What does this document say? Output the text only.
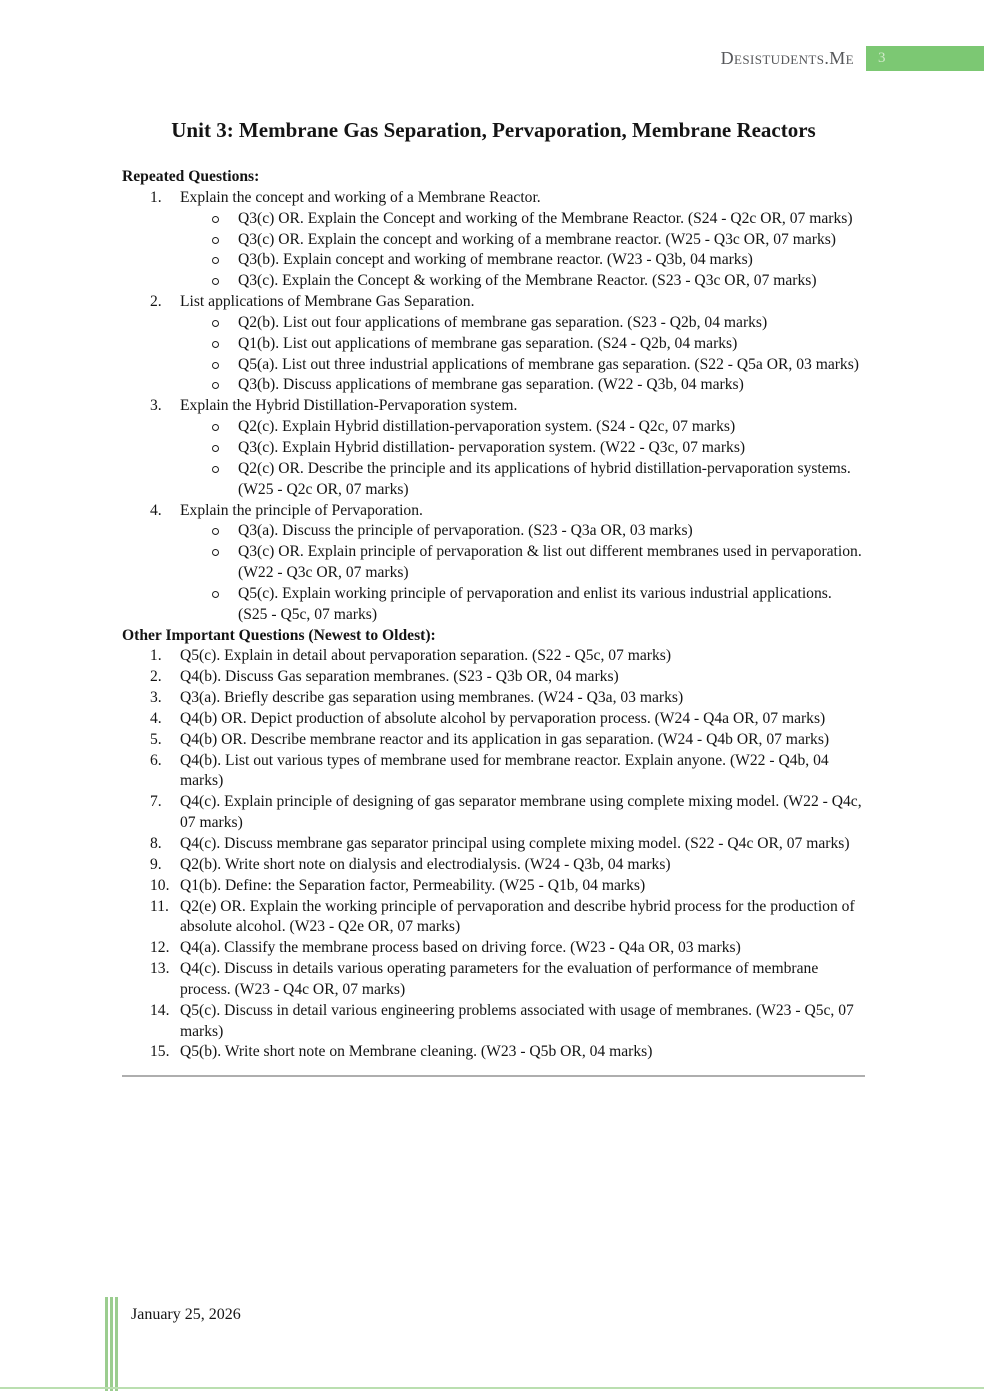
Desistudents.Me	3
Unit 3: Membrane Gas Separation, Pervaporation, Membrane Reactors
Repeated Questions:
1.	Explain the concept and working of a Membrane Reactor.
Q3(c) OR. Explain the Concept and working of the Membrane Reactor. (S24 - Q2c OR, 07 marks)
Q3(c) OR. Explain the concept and working of a membrane reactor. (W25 - Q3c OR, 07 marks)
Q3(b). Explain concept and working of membrane reactor. (W23 - Q3b, 04 marks)
Q3(c). Explain the Concept & working of the Membrane Reactor. (S23 - Q3c OR, 07 marks)
2.	List applications of Membrane Gas Separation.
Q2(b). List out four applications of membrane gas separation. (S23 - Q2b, 04 marks)
Q1(b). List out applications of membrane gas separation. (S24 - Q2b, 04 marks)
Q5(a). List out three industrial applications of membrane gas separation. (S22 - Q5a OR, 03 marks)
Q3(b). Discuss applications of membrane gas separation. (W22 - Q3b, 04 marks)
3.	Explain the Hybrid Distillation-Pervaporation system.
Q2(c). Explain Hybrid distillation-pervaporation system. (S24 - Q2c, 07 marks)
Q3(c). Explain Hybrid distillation- pervaporation system. (W22 - Q3c, 07 marks)
Q2(c) OR. Describe the principle and its applications of hybrid distillation-pervaporation systems. (W25 - Q2c OR, 07 marks)
4.	Explain the principle of Pervaporation.
Q3(a). Discuss the principle of pervaporation. (S23 - Q3a OR, 03 marks)
Q3(c) OR. Explain principle of pervaporation & list out different membranes used in pervaporation. (W22 - Q3c OR, 07 marks)
Q5(c). Explain working principle of pervaporation and enlist its various industrial applications. (S25 - Q5c, 07 marks)
Other Important Questions (Newest to Oldest):
1.	Q5(c). Explain in detail about pervaporation separation. (S22 - Q5c, 07 marks)
2.	Q4(b). Discuss Gas separation membranes. (S23 - Q3b OR, 04 marks)
3.	Q3(a). Briefly describe gas separation using membranes. (W24 - Q3a, 03 marks)
4.	Q4(b) OR. Depict production of absolute alcohol by pervaporation process. (W24 - Q4a OR, 07 marks)
5.	Q4(b) OR. Describe membrane reactor and its application in gas separation. (W24 - Q4b OR, 07 marks)
6.	Q4(b). List out various types of membrane used for membrane reactor. Explain anyone. (W22 - Q4b, 04 marks)
7.	Q4(c). Explain principle of designing of gas separator membrane using complete mixing model. (W22 - Q4c, 07 marks)
8.	Q4(c). Discuss membrane gas separator principal using complete mixing model. (S22 - Q4c OR, 07 marks)
9.	Q2(b). Write short note on dialysis and electrodialysis. (W24 - Q3b, 04 marks)
10. Q1(b). Define: the Separation factor, Permeability. (W25 - Q1b, 04 marks)
11. Q2(e) OR. Explain the working principle of pervaporation and describe hybrid process for the production of absolute alcohol. (W23 - Q2e OR, 07 marks)
12. Q4(a). Classify the membrane process based on driving force. (W23 - Q4a OR, 03 marks)
13. Q4(c). Discuss in details various operating parameters for the evaluation of performance of membrane process. (W23 - Q4c OR, 07 marks)
14. Q5(c). Discuss in detail various engineering problems associated with usage of membranes. (W23 - Q5c, 07 marks)
15. Q5(b). Write short note on Membrane cleaning. (W23 - Q5b OR, 04 marks)
January 25, 2026
